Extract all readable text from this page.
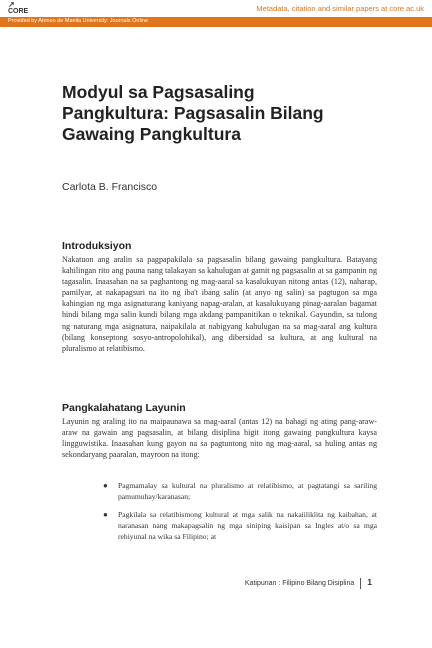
↗
CORE	Metadata, citation and similar papers at core.ac.uk
Provided by Ateneo de Manila University: Journals Online
Modyul sa Pagsasaling Pangkultura: Pagsasalin Bilang Gawaing Pangkultura
Carlota B. Francisco
Introduksiyon

Nakatuon ang aralin sa pagpapakilala sa pagsasalin bilang gawaing pangkultura. Batayang kahilingan rito ang pauna nang talakayan sa kahulugan at gamit ng pagsasalin at sa gampanin ng tagasalin. Inaasahan na sa paghantong ng mag-aaral sa kasalukuyan nitong antas (12), naharap, pamilyar, at nakapagsuri na ito ng iba't ibang salin (at anyo ng salin) sa pagtugon sa mga kahingian ng mga asignaturang kaniyang napag-aralan, at kasalukuyang pinag-aaralan bagamat hindi bilang mga salin kundi bilang mga akdang pampanitikan o teknikal. Gayundin, sa tulong ng naturang mga asignatura, naipakilala at nabigyang kahulugan na sa mag-aaral ang kultura (bilang konseptong sosyo-antropolohikal), ang dibersidad sa kultura, at ang kultural na pluralismo at relatibismo.

Pangkalahatang Layunin

Layunin ng araling ito na maipaunawa sa mag-aaral (antas 12) na bahagi ng ating pang-araw-araw na gawain ang pagsasalin, at bilang disiplina higit itong gawaing pangkultura kaysa lingguwistika. Inaasahan kung gayon na sa pagtuntong nito ng mag-aaral, sa huling antas ng sekondaryang paaralan, mayroon na itong:

● Pagmamalay sa kultural na pluralismo at relatibismo, at pagtatangi sa sariling pamumuhay/karanasan;
● Pagkilala sa relatibismong kultural at mga salik na nakaiiliklita ng kaibahan, at naranasan nang makapagsalin ng mga siniping kaisipan sa Ingles at/o sa mga rehiyunal na wika sa Filipino; at
Katipunan : Filipino Bilang Disiplina 1
